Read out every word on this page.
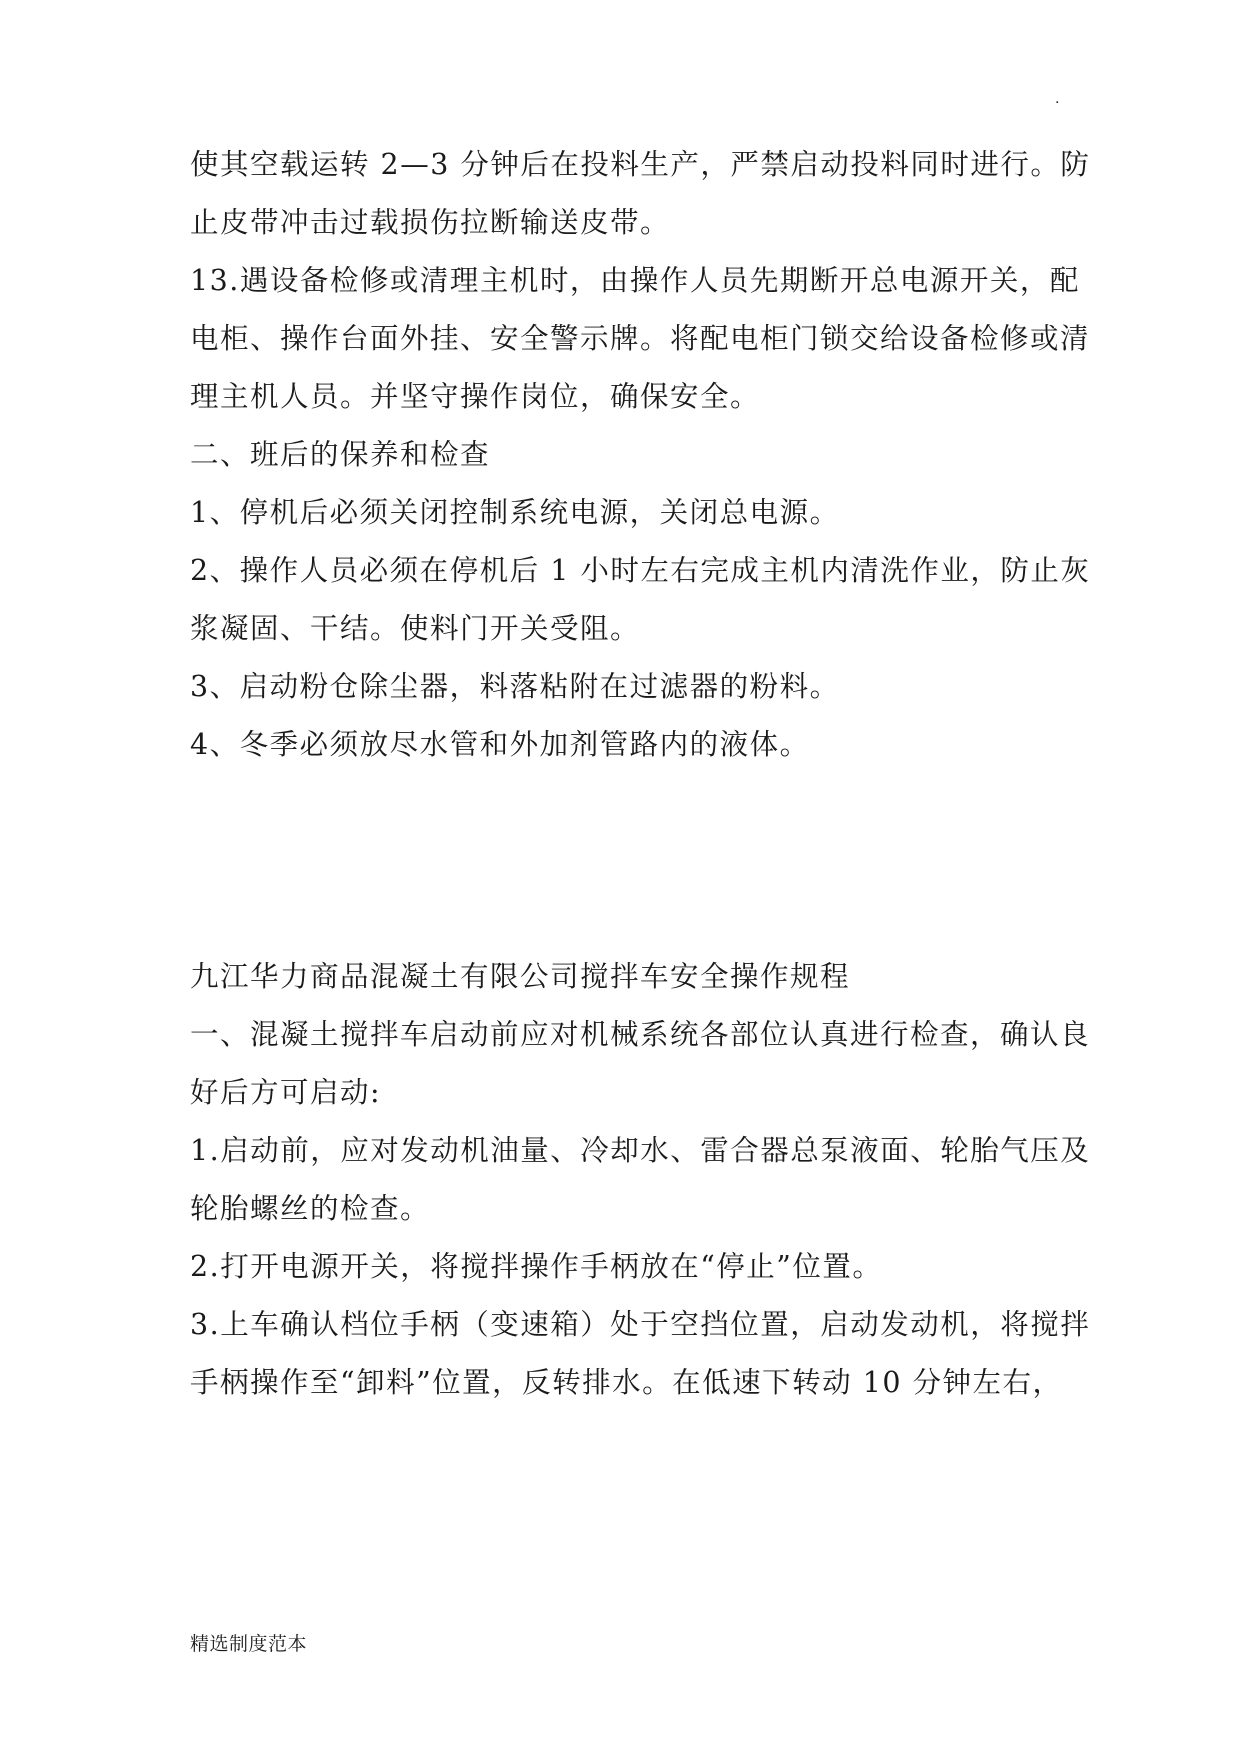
.
使其空载运转 2—3 分钟后在投料生产，严禁启动投料同时进行。防
止皮带冲击过载损伤拉断输送皮带。
13.遇设备检修或清理主机时，由操作人员先期断开总电源开关，配
电柜、操作台面外挂、安全警示牌。将配电柜门锁交给设备检修或清
理主机人员。并坚守操作岗位，确保安全。
二、班后的保养和检查
1、停机后必须关闭控制系统电源，关闭总电源。
2、操作人员必须在停机后 1 小时左右完成主机内清洗作业，防止灰
浆凝固、干结。使料门开关受阻。
3、启动粉仓除尘器，料落粘附在过滤器的粉料。
4、冬季必须放尽水管和外加剂管路内的液体。
九江华力商品混凝土有限公司搅拌车安全操作规程
一、混凝土搅拌车启动前应对机械系统各部位认真进行检查，确认良
好后方可启动:
1.启动前，应对发动机油量、冷却水、雷合器总泵液面、轮胎气压及
轮胎螺丝的检查。
2.打开电源开关，将搅拌操作手柄放在“停止”位置。
3.上车确认档位手柄（变速箱）处于空挡位置，启动发动机，将搅拌
手柄操作至“卸料”位置，反转排水。在低速下转动 10 分钟左右，
精选制度范本
